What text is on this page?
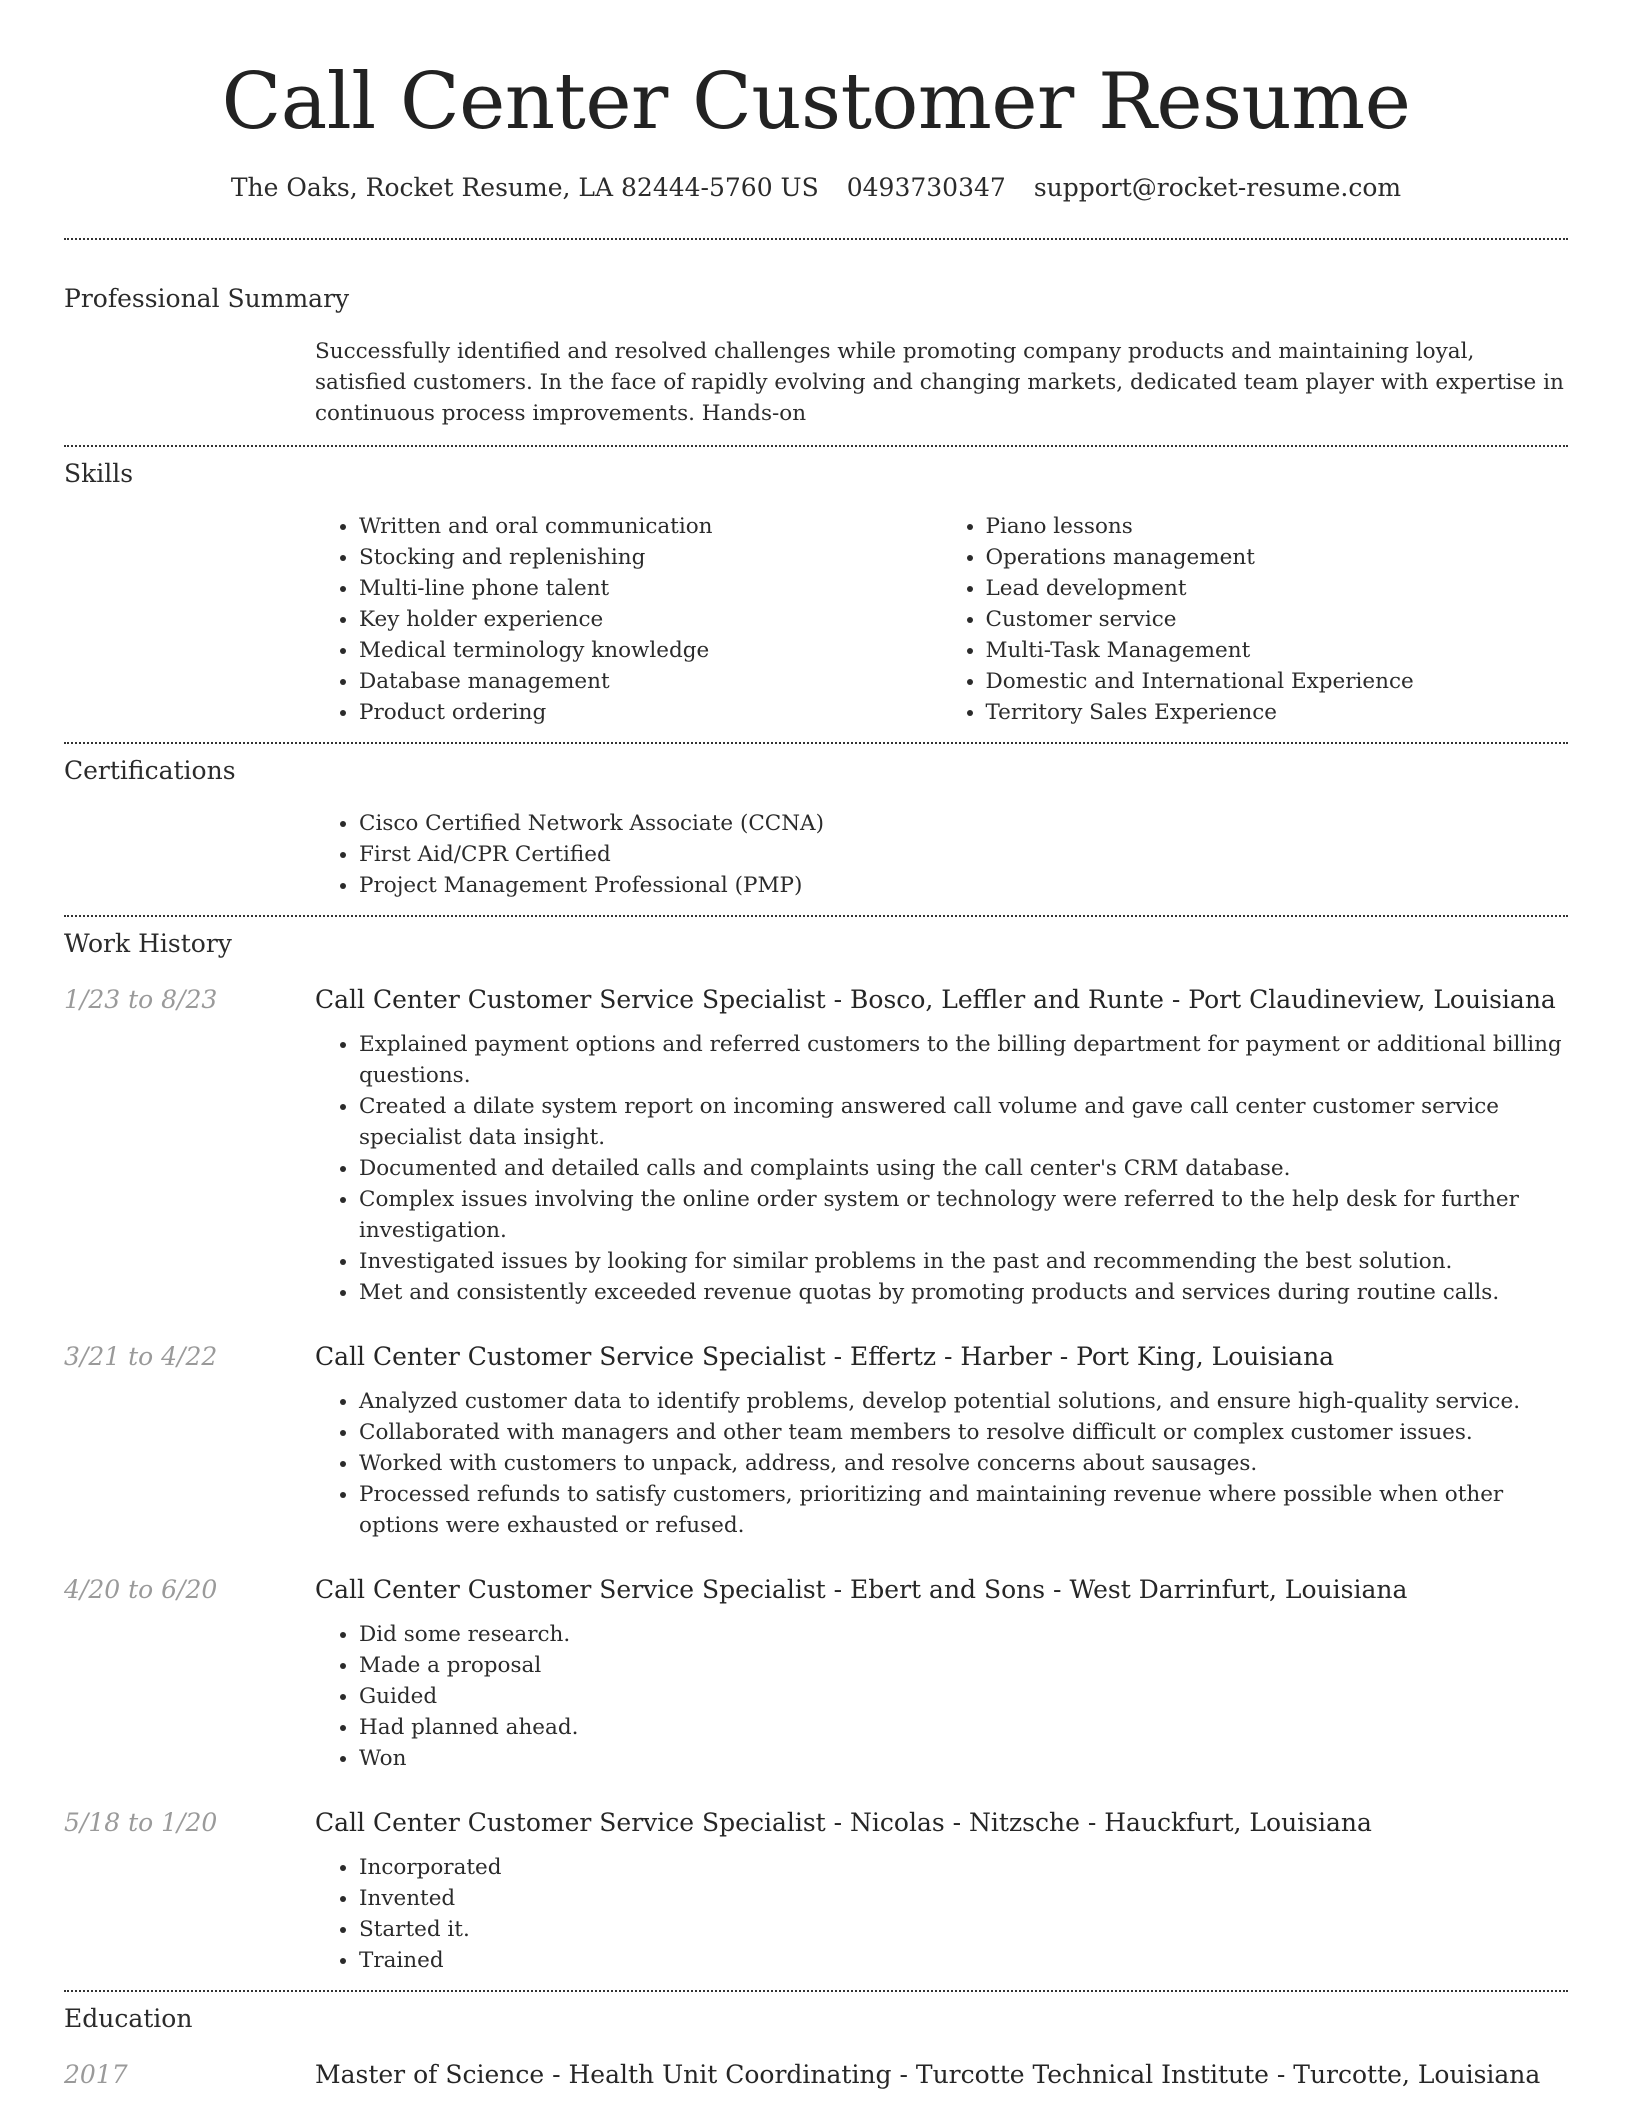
Call Center Customer Resume
The Oaks, Rocket Resume, LA 82444-5760 US 0493730347 support@rocket-resume.com
Professional Summary
Successfully identified and resolved challenges while promoting company products and maintaining loyal, satisfied customers. In the face of rapidly evolving and changing markets, dedicated team player with expertise in continuous process improvements. Hands-on
Skills
• Written and oral communication
• Stocking and replenishing
• Multi-line phone talent
• Key holder experience
• Medical terminology knowledge
• Database management
• Product ordering
• Piano lessons
• Operations management
• Lead development
• Customer service
• Multi-Task Management
• Domestic and International Experience
• Territory Sales Experience
Certifications
• Cisco Certified Network Associate (CCNA)
• First Aid/CPR Certified
• Project Management Professional (PMP)
Work History
1/23 to 8/23	Call Center Customer Service Specialist - Bosco, Leffler and Runte - Port Claudineview, Louisiana
• Explained payment options and referred customers to the billing department for payment or additional billing questions.
• Created a dilate system report on incoming answered call volume and gave call center customer service specialist data insight.
• Documented and detailed calls and complaints using the call center's CRM database.
• Complex issues involving the online order system or technology were referred to the help desk for further investigation.
• Investigated issues by looking for similar problems in the past and recommending the best solution.
• Met and consistently exceeded revenue quotas by promoting products and services during routine calls.
3/21 to 4/22	Call Center Customer Service Specialist - Effertz - Harber - Port King, Louisiana
• Analyzed customer data to identify problems, develop potential solutions, and ensure high-quality service.
• Collaborated with managers and other team members to resolve difficult or complex customer issues.
• Worked with customers to unpack, address, and resolve concerns about sausages.
• Processed refunds to satisfy customers, prioritizing and maintaining revenue where possible when other options were exhausted or refused.
4/20 to 6/20	Call Center Customer Service Specialist - Ebert and Sons - West Darrinfurt, Louisiana
• Did some research.
• Made a proposal
• Guided
• Had planned ahead.
• Won
5/18 to 1/20	Call Center Customer Service Specialist - Nicolas - Nitzsche - Hauckfurt, Louisiana
• Incorporated
• Invented
• Started it.
• Trained
Education
2017	Master of Science - Health Unit Coordinating - Turcotte Technical Institute - Turcotte, Louisiana
